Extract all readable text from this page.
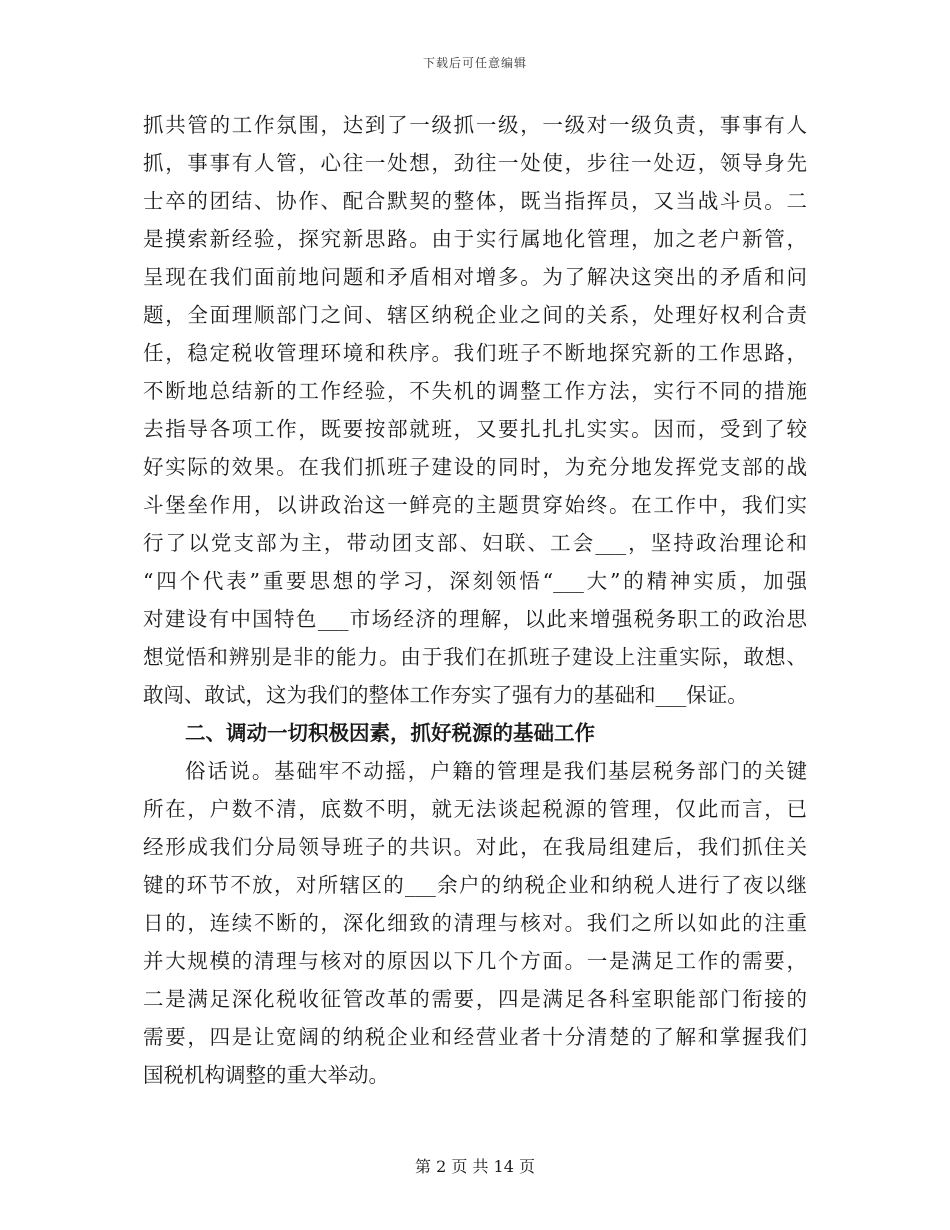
下载后可任意编辑
抓共管的工作氛围，达到了一级抓一级，一级对一级负责，事事有人
抓，事事有人管，心往一处想，劲往一处使，步往一处迈，领导身先
士卒的团结、协作、配合默契的整体，既当指挥员，又当战斗员。二
是摸索新经验，探究新思路。由于实行属地化管理，加之老户新管，
呈现在我们面前地问题和矛盾相对增多。为了解决这突出的矛盾和问
题，全面理顺部门之间、辖区纳税企业之间的关系，处理好权利合责
任，稳定税收管理环境和秩序。我们班子不断地探究新的工作思路，
不断地总结新的工作经验，不失机的调整工作方法，实行不同的措施
去指导各项工作，既要按部就班，又要扎扎扎实实。因而，受到了较
好实际的效果。在我们抓班子建设的同时，为充分地发挥党支部的战
斗堡垒作用，以讲政治这一鲜亮的主题贯穿始终。在工作中，我们实
行了以党支部为主，带动团支部、妇联、工会___，坚持政治理论和
“四个代表”重要思想的学习，深刻领悟“___大”的精神实质，加强
对建设有中国特色___市场经济的理解，以此来增强税务职工的政治思
想觉悟和辨别是非的能力。由于我们在抓班子建设上注重实际，敢想、
敢闯、敢试，这为我们的整体工作夯实了强有力的基础和___保证。
二、调动一切积极因素，抓好税源的基础工作
俗话说。基础牢不动摇，户籍的管理是我们基层税务部门的关键
所在，户数不清，底数不明，就无法谈起税源的管理，仅此而言，已
经形成我们分局领导班子的共识。对此，在我局组建后，我们抓住关
键的环节不放，对所辖区的___余户的纳税企业和纳税人进行了夜以继
日的，连续不断的，深化细致的清理与核对。我们之所以如此的注重
并大规模的清理与核对的原因以下几个方面。一是满足工作的需要，
二是满足深化税收征管改革的需要，四是满足各科室职能部门衔接的
需要，四是让宽阔的纳税企业和经营业者十分清楚的了解和掌握我们
国税机构调整的重大举动。
第 2 页 共 14 页
